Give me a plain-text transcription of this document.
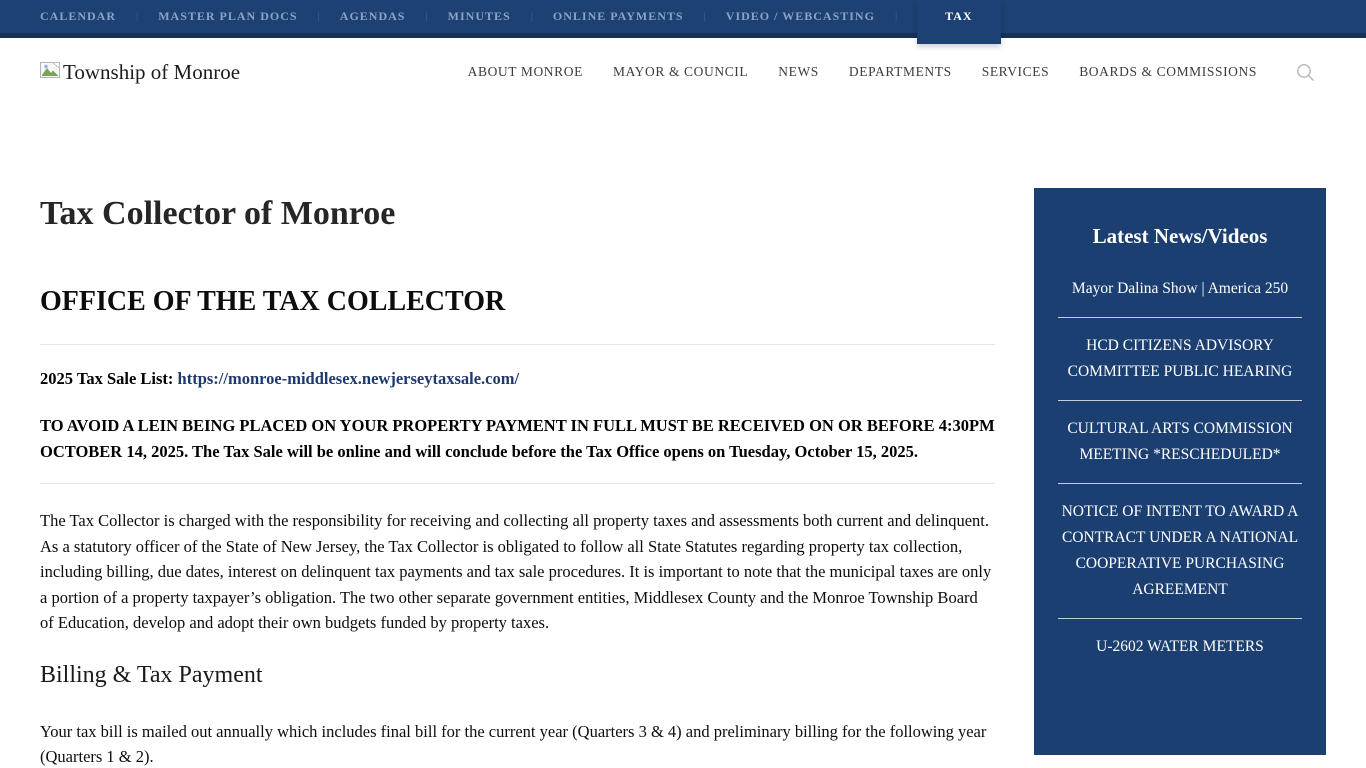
CALENDAR | MASTER PLAN DOCS | AGENDAS | MINUTES | ONLINE PAYMENTS | VIDEO / WEBCASTING |	TAX
Township of Monroe	ABOUT MONROE MAYOR & COUNCIL NEWS DEPARTMENTS SERVICES BOARDS & COMMISSIONS
Tax Collector of Monroe
OFFICE OF THE TAX COLLECTOR

2025 Tax Sale List: https://monroe-middlesex.newjerseytaxsale.com/

TO AVOID A LEIN BEING PLACED ON YOUR PROPERTY PAYMENT IN FULL MUST BE RECEIVED ON OR BEFORE 4:30PM OCTOBER 14, 2025. The Tax Sale will be online and will conclude before the Tax Office opens on Tuesday, October 15, 2025.

The Tax Collector is charged with the responsibility for receiving and collecting all property taxes and assessments both current and delinquent. As a statutory officer of the State of New Jersey, the Tax Collector is obligated to follow all State Statutes regarding property tax collection, including billing, due dates, interest on delinquent tax payments and tax sale procedures. It is important to note that the municipal taxes are only a portion of a property taxpayer’s obligation. The two other separate government entities, Middlesex County and the Monroe Township Board of Education, develop and adopt their own budgets funded by property taxes.

Billing & Tax Payment

Your tax bill is mailed out annually which includes final bill for the current year (Quarters 3 & 4) and preliminary billing for the following year (Quarters 1 & 2).

Latest News/Videos
Mayor Dalina Show | America 250
HCD CITIZENS ADVISORY COMMITTEE PUBLIC HEARING
CULTURAL ARTS COMMISSION MEETING *RESCHEDULED*
NOTICE OF INTENT TO AWARD A CONTRACT UNDER A NATIONAL COOPERATIVE PURCHASING AGREEMENT
U-2602 WATER METERS
